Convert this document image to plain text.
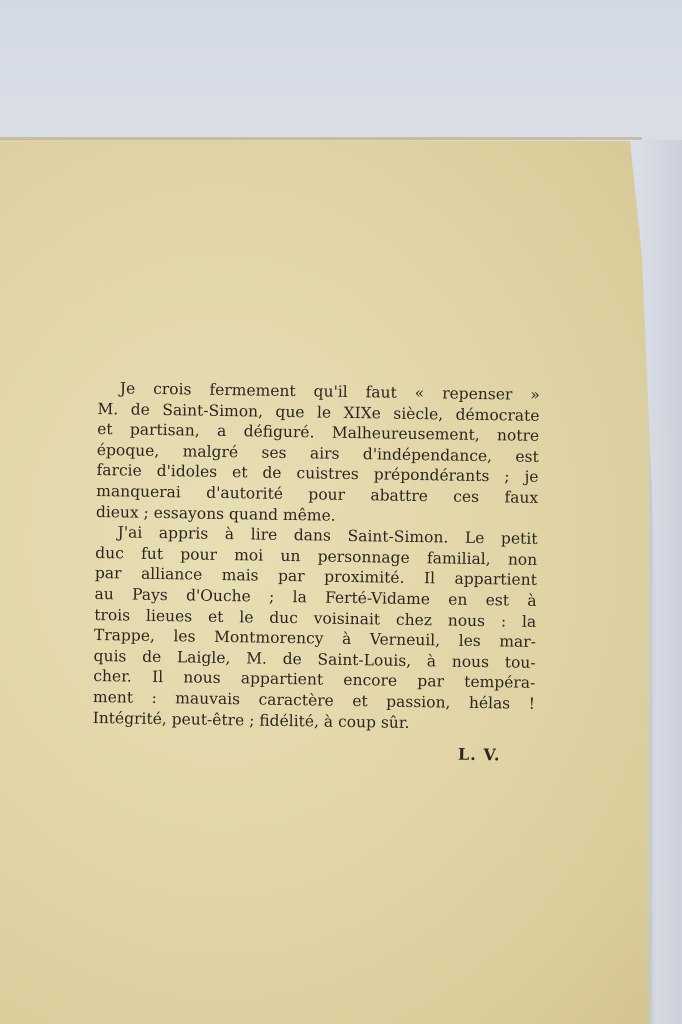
Je crois fermement qu'il faut « repenser »
M. de Saint-Simon, que le XIXe siècle, démocrate
et partisan, a défiguré. Malheureusement, notre
époque, malgré ses airs d'indépendance, est
farcie d'idoles et de cuistres prépondérants ; je
manquerai d'autorité pour abattre ces faux
dieux ; essayons quand même.
J'ai appris à lire dans Saint-Simon. Le petit
duc fut pour moi un personnage familial, non
par alliance mais par proximité. Il appartient
au Pays d'Ouche ; la Ferté-Vidame en est à
trois lieues et le duc voisinait chez nous : la
Trappe, les Montmorency à Verneuil, les mar-
quis de Laigle, M. de Saint-Louis, à nous tou-
cher. Il nous appartient encore par tempéra-
ment : mauvais caractère et passion, hélas !
Intégrité, peut-être ; fidélité, à coup sûr.
L. V.
